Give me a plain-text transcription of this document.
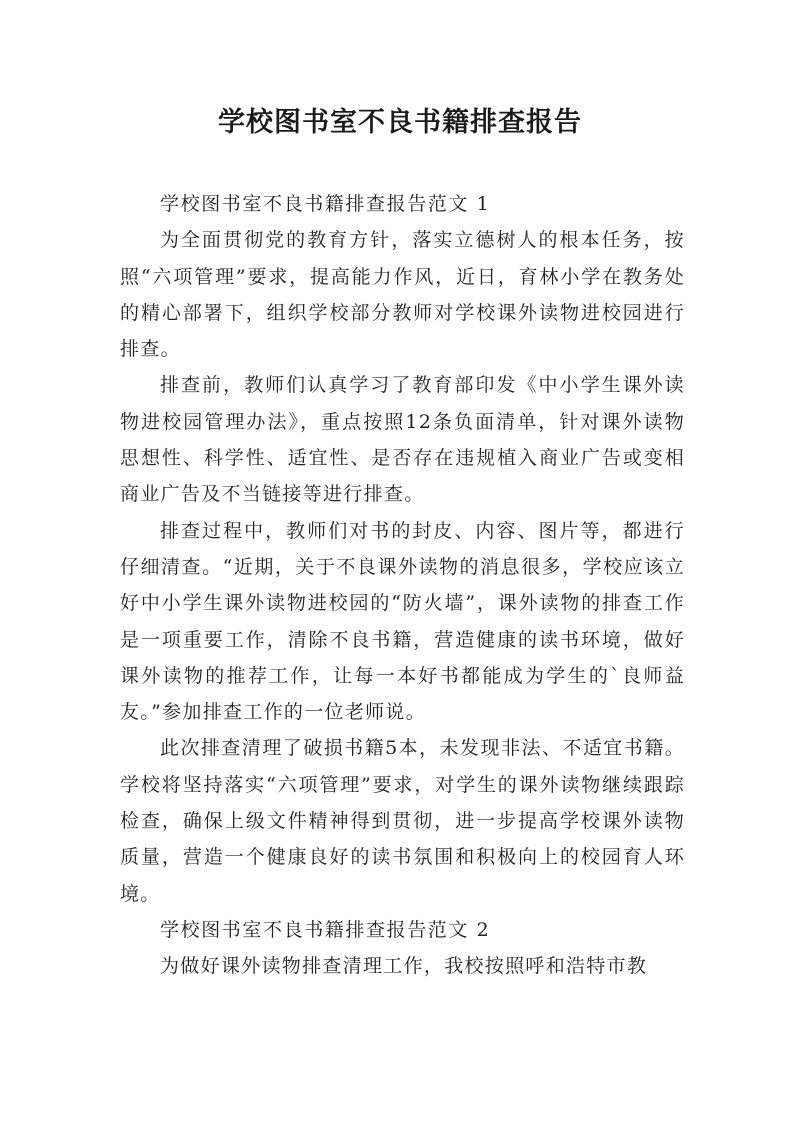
学校图书室不良书籍排查报告

学校图书室不良书籍排查报告范文 1

为全面贯彻党的教育方针，落实立德树人的根本任务，按照“六项管理”要求，提高能力作风，近日，育林小学在教务处的精心部署下，组织学校部分教师对学校课外读物进校园进行排查。

排查前，教师们认真学习了教育部印发《中小学生课外读物进校园管理办法》，重点按照12条负面清单，针对课外读物思想性、科学性、适宜性、是否存在违规植入商业广告或变相商业广告及不当链接等进行排查。

排查过程中，教师们对书的封皮、内容、图片等，都进行仔细清查。“近期，关于不良课外读物的消息很多，学校应该立好中小学生课外读物进校园的“防火墙”，课外读物的排查工作是一项重要工作，清除不良书籍，营造健康的读书环境，做好课外读物的推荐工作，让每一本好书都能成为学生的`良师益友。”参加排查工作的一位老师说。

此次排查清理了破损书籍5本，未发现非法、不适宜书籍。学校将坚持落实“六项管理”要求，对学生的课外读物继续跟踪检查，确保上级文件精神得到贯彻，进一步提高学校课外读物质量，营造一个健康良好的读书氛围和积极向上的校园育人环境。

学校图书室不良书籍排查报告范文 2

为做好课外读物排查清理工作，我校按照呼和浩特市教
